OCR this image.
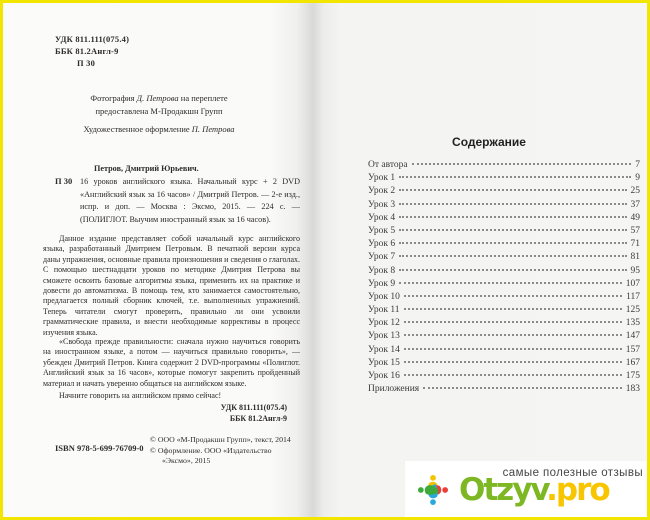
УДК 811.111(075.4)
ББК 81.2Англ-9
П 30
Фотография Д. Петрова на переплете
предоставлена М-Продакшн Групп
Художественное оформление П. Петрова
П 30
Петров, Дмитрий Юрьевич.
16 уроков английского языка. Начальный курс + 2 DVD «Английский язык за 16 часов» / Дмитрий Петров. — 2-е изд., испр. и доп. — Москва : Эксмо, 2015. — 224 с. — (ПОЛИГЛОТ. Выучим иностранный язык за 16 часов).
Данное издание представляет собой начальный курс английского языка, разработанный Дмитрием Петровым. В печатной версии курса даны упражнения, основные правила произношения и сведения о глаголах. С помощью шестнадцати уроков по методике Дмитрия Петрова вы сможете освоить базовые алгоритмы языка, применить их на практике и довести до автоматизма. В помощь тем, кто занимается самостоятельно, предлагается полный сборник ключей, т.е. выполненных упражнений. Теперь читатели смогут проверить, правильно ли они усвоили грамматические правила, и внести необходимые коррективы в процесс изучения языка.
«Свобода прежде правильности: сначала нужно научиться говорить на иностранном языке, а потом — научиться правильно говорить», — убежден Дмитрий Петров. Книга содержит 2 DVD-программы «Полиглот. Английский язык за 16 часов», которые помогут закрепить пройденный материал и начать уверенно общаться на английском языке.
Начните говорить на английском прямо сейчас!
УДК 811.111(075.4)
ББК 81.2Англ-9
ISBN 978-5-699-76709-0
© ООО «М-Продакшн Групп», текст, 2014
© Оформление. ООО «Издательство
«Эксмо», 2015
Содержание
От автора	7
Урок 1	9
Урок 2	25
Урок 3	37
Урок 4	49
Урок 5	57
Урок 6	71
Урок 7	81
Урок 8	95
Урок 9	107
Урок 10	117
Урок 11	125
Урок 12	135
Урок 13	147
Урок 14	157
Урок 15	167
Урок 16	175
Приложения	183
самые полезные отзывы
Otzyv.pro
